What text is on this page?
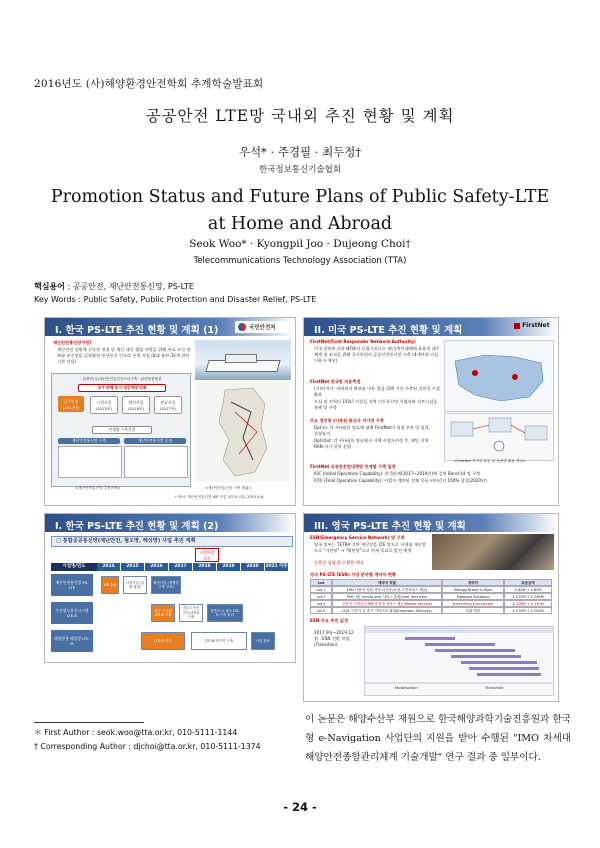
2016년도 (사)해양환경안전학회 추계학술발표회
공공안전 LTE망 국내외 추진 현황 및 계획
우석* · 주경필 · 최두정†
한국정보통신기술협회
Promotion Status and Future Plans of Public Safety-LTE
at Home and Abroad
Seok Woo* · Kyongpil Joo · Dujeong Choi†
Telecommunications Technology Association (TTA)
핵심용어 : 공공안전, 재난안전통신망, PS-LTE
Key Words : Public Safety, Public Protection and Disaster Relief, PS-LTE
I. 한국 PS-LTE 추진 현황 및 계획 (1)	국민안전처
재난안전통신망이란?
재난안전 상황에 신속한 현장 및 재난 대응 협업 지원을 위해 주요 고신 정보와 통신망을 일원화한 무선통신 인프라 구축 사업 (8대 분야 33개 관련기관 이용)
최정안(국)재난안전통신인프라구축 · 관련물품협관
국가 전체 초기 대응역량 강화
공무안전
(2017년)
시범사업
(2015년)
확산사업
(2016년)
완료사업
(2017년)
단계별 구축사업
재난안전통신망 구축	재난안전통신망 운영
<재난안전통신망 추진전략>	<재난안전통신망 구축 범위>
* 출처: 재난안전통신망 ISP 사업 성과보고회, 2015.4.6.
II. 미국 PS-LTE 추진 현황 및 계획	FirstNet
FirstNet(First Responder Network Authority)
미국 상무부 산하 NTIA의 독립기관으로 재난/치안대해에 효율적 대응체계 및 조직을 위해 국가차원의 공공안전통신망 구축 (4개단위 이상 이용자 예상)
FirstNet 전국망 비용측정
(기본)지가: 커버리지 확보와 비용 절감 위해 기존 구축된 상용망 시설 활용
도심 외 지역의 15%? 이상을 지역 이동통신망 사업자와 파트너십을 통해 망 구축
주요 정부망 (이동된 통신사 지가망 구축
Opt-in: 각 주(州)의 명료에 대해 FirstNet이 직접 주관 망 설치, 운영유지
Opt-Out: 각 주(州)의 명료에서 자체 사업자선정 후, 해당 지역 RAN 자가 설치 운영
FirstNet 공공안전망대책망 인계할 구축 일정
IOC (Initial Operation Capability): 총 5단계(2017~2019년)에 걸쳐 Band-14 망 구축
FOC (Final Operation Capability): 사업자 계약된 전체 목표 커버리지 100% 달성(2020년)
<FirstNet 지가망 유통 및 상용망 활용 개념>
I. 한국 PS-LTE 추진 현황 및 계획 (2)
□ 통합공공통신망(재난안전, 철도망, 해상망) 사업 추진 계획
시범사업
집중
사업명/연도	2014	2015	2016	2017	2018	2019	2020	2021 이후
재난안전통신망 PS-LTE
ISP 수립
시범사업 (강원 평창)
확산사업 (개별망 구축 구조)
무선철도통신시스템 LTE-R
전국 고속선 LTE-R 구축
경부고속선 전국 LTE-R 구축
일반/도시 철도 LTE-R 구축 관리
해양통합 해상망 LTE-M
LTE-M 연구	LTE-M 연구망 구축	사업 완료
III. 영국 PS-LTE 추진 현황 및 계획
ESN(Emergency Service Network) 망 구축
영국 정부는 TETRA 기반 재난망을 LTE 망으로 자세대 재난망으로 "기반망" → "확반망"으로 단계 목표로 발전 예정
상용망 임대 방식 활용 예상
영국 PS-LTE (ESN) 사업 분야별 계약자 현황
Lot	계약자 역할	계약자	표준금액
Lot 1	ESN 사용자 지원 서비스(전송/보장,고객서비스 제공)	Kellogg Brown & Root	£ 82M → £ 82M
Lot 2	PMI 대응 end-to-end 서비스 통합(User Services)	Motorola Solutions	£ 122M → £ 249M
Lot 3	상용망 커버리지 IPB 망임대 서비스 제공(Mobile Service)	Everything Everywhere	£ 220M → £ 330M
Lot 4	LIVE 사용자 전 추가 커버리지 확장(Extension Services)	임찰 예정	£ 175M → £ 200M
ESN 주요 추진 일정
2017.9월~2019.12
월 : ESN 전환 작업
(Transition)
Mobilisation	Transition
＊ First Author : seok.woo@tta.or.kr, 010-5111-1144
† Corresponding Author : djchoi@tta.or.kr, 010-5111-1374
이 논문은 해양수산부 재원으로 한국해양과학기술진흥원과 한국형 e-Navigation 사업단의 지원을 받아 수행된 "IMO 차세대 해양안전종합관리체계 기술개발" 연구 결과 중 일부이다.
- 24 -
